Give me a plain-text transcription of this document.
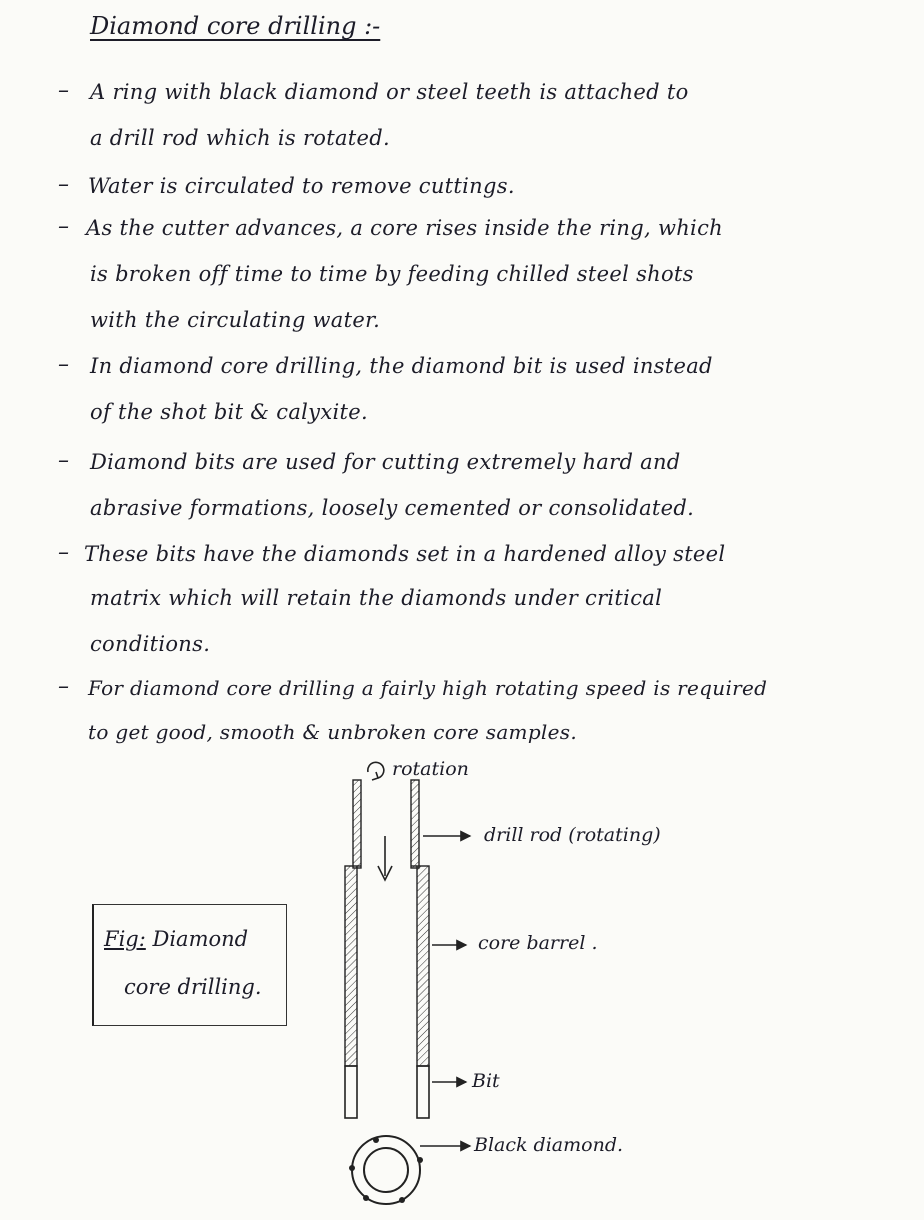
Diamond core drilling :-
– A ring with black diamond or steel teeth is attached to
a drill rod which is rotated.
– Water is circulated to remove cuttings.
– As the cutter advances, a core rises inside the ring, which
is broken off time to time by feeding chilled steel shots
with the circulating water.
– In diamond core drilling, the diamond bit is used instead
of the shot bit & calyxite.
– Diamond bits are used for cutting extremely hard and
abrasive formations, loosely cemented or consolidated.
– These bits have the diamonds set in a hardened alloy steel
matrix which will retain the diamonds under critical
conditions.
– For diamond core drilling a fairly high rotating speed is required
to get good, smooth & unbroken core samples.
Fig: Diamond
core drilling.
rotation
drill rod (rotating)
core barrel .
Bit
Black diamond.
